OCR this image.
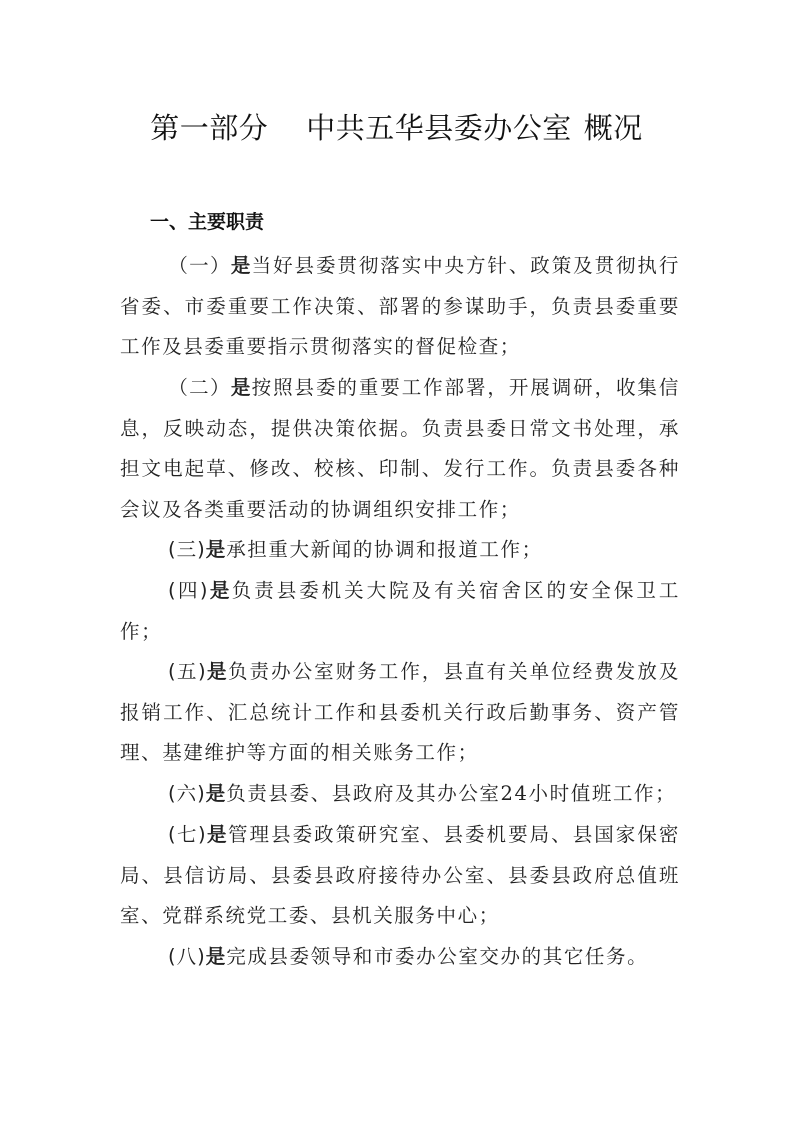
第一部分 中共五华县委办公室 概况
一、主要职责

（一）是当好县委贯彻落实中央方针、政策及贯彻执行省委、市委重要工作决策、部署的参谋助手，负责县委重要工作及县委重要指示贯彻落实的督促检查；

（二）是按照县委的重要工作部署，开展调研，收集信息，反映动态，提供决策依据。负责县委日常文书处理，承担文电起草、修改、校核、印制、发行工作。负责县委各种会议及各类重要活动的协调组织安排工作；

(三)是承担重大新闻的协调和报道工作；

(四)是负责县委机关大院及有关宿舍区的安全保卫工作；

(五)是负责办公室财务工作，县直有关单位经费发放及报销工作、汇总统计工作和县委机关行政后勤事务、资产管理、基建维护等方面的相关账务工作；

(六)是负责县委、县政府及其办公室24小时值班工作；

(七)是管理县委政策研究室、县委机要局、县国家保密局、县信访局、县委县政府接待办公室、县委县政府总值班室、党群系统党工委、县机关服务中心；

(八)是完成县委领导和市委办公室交办的其它任务。
